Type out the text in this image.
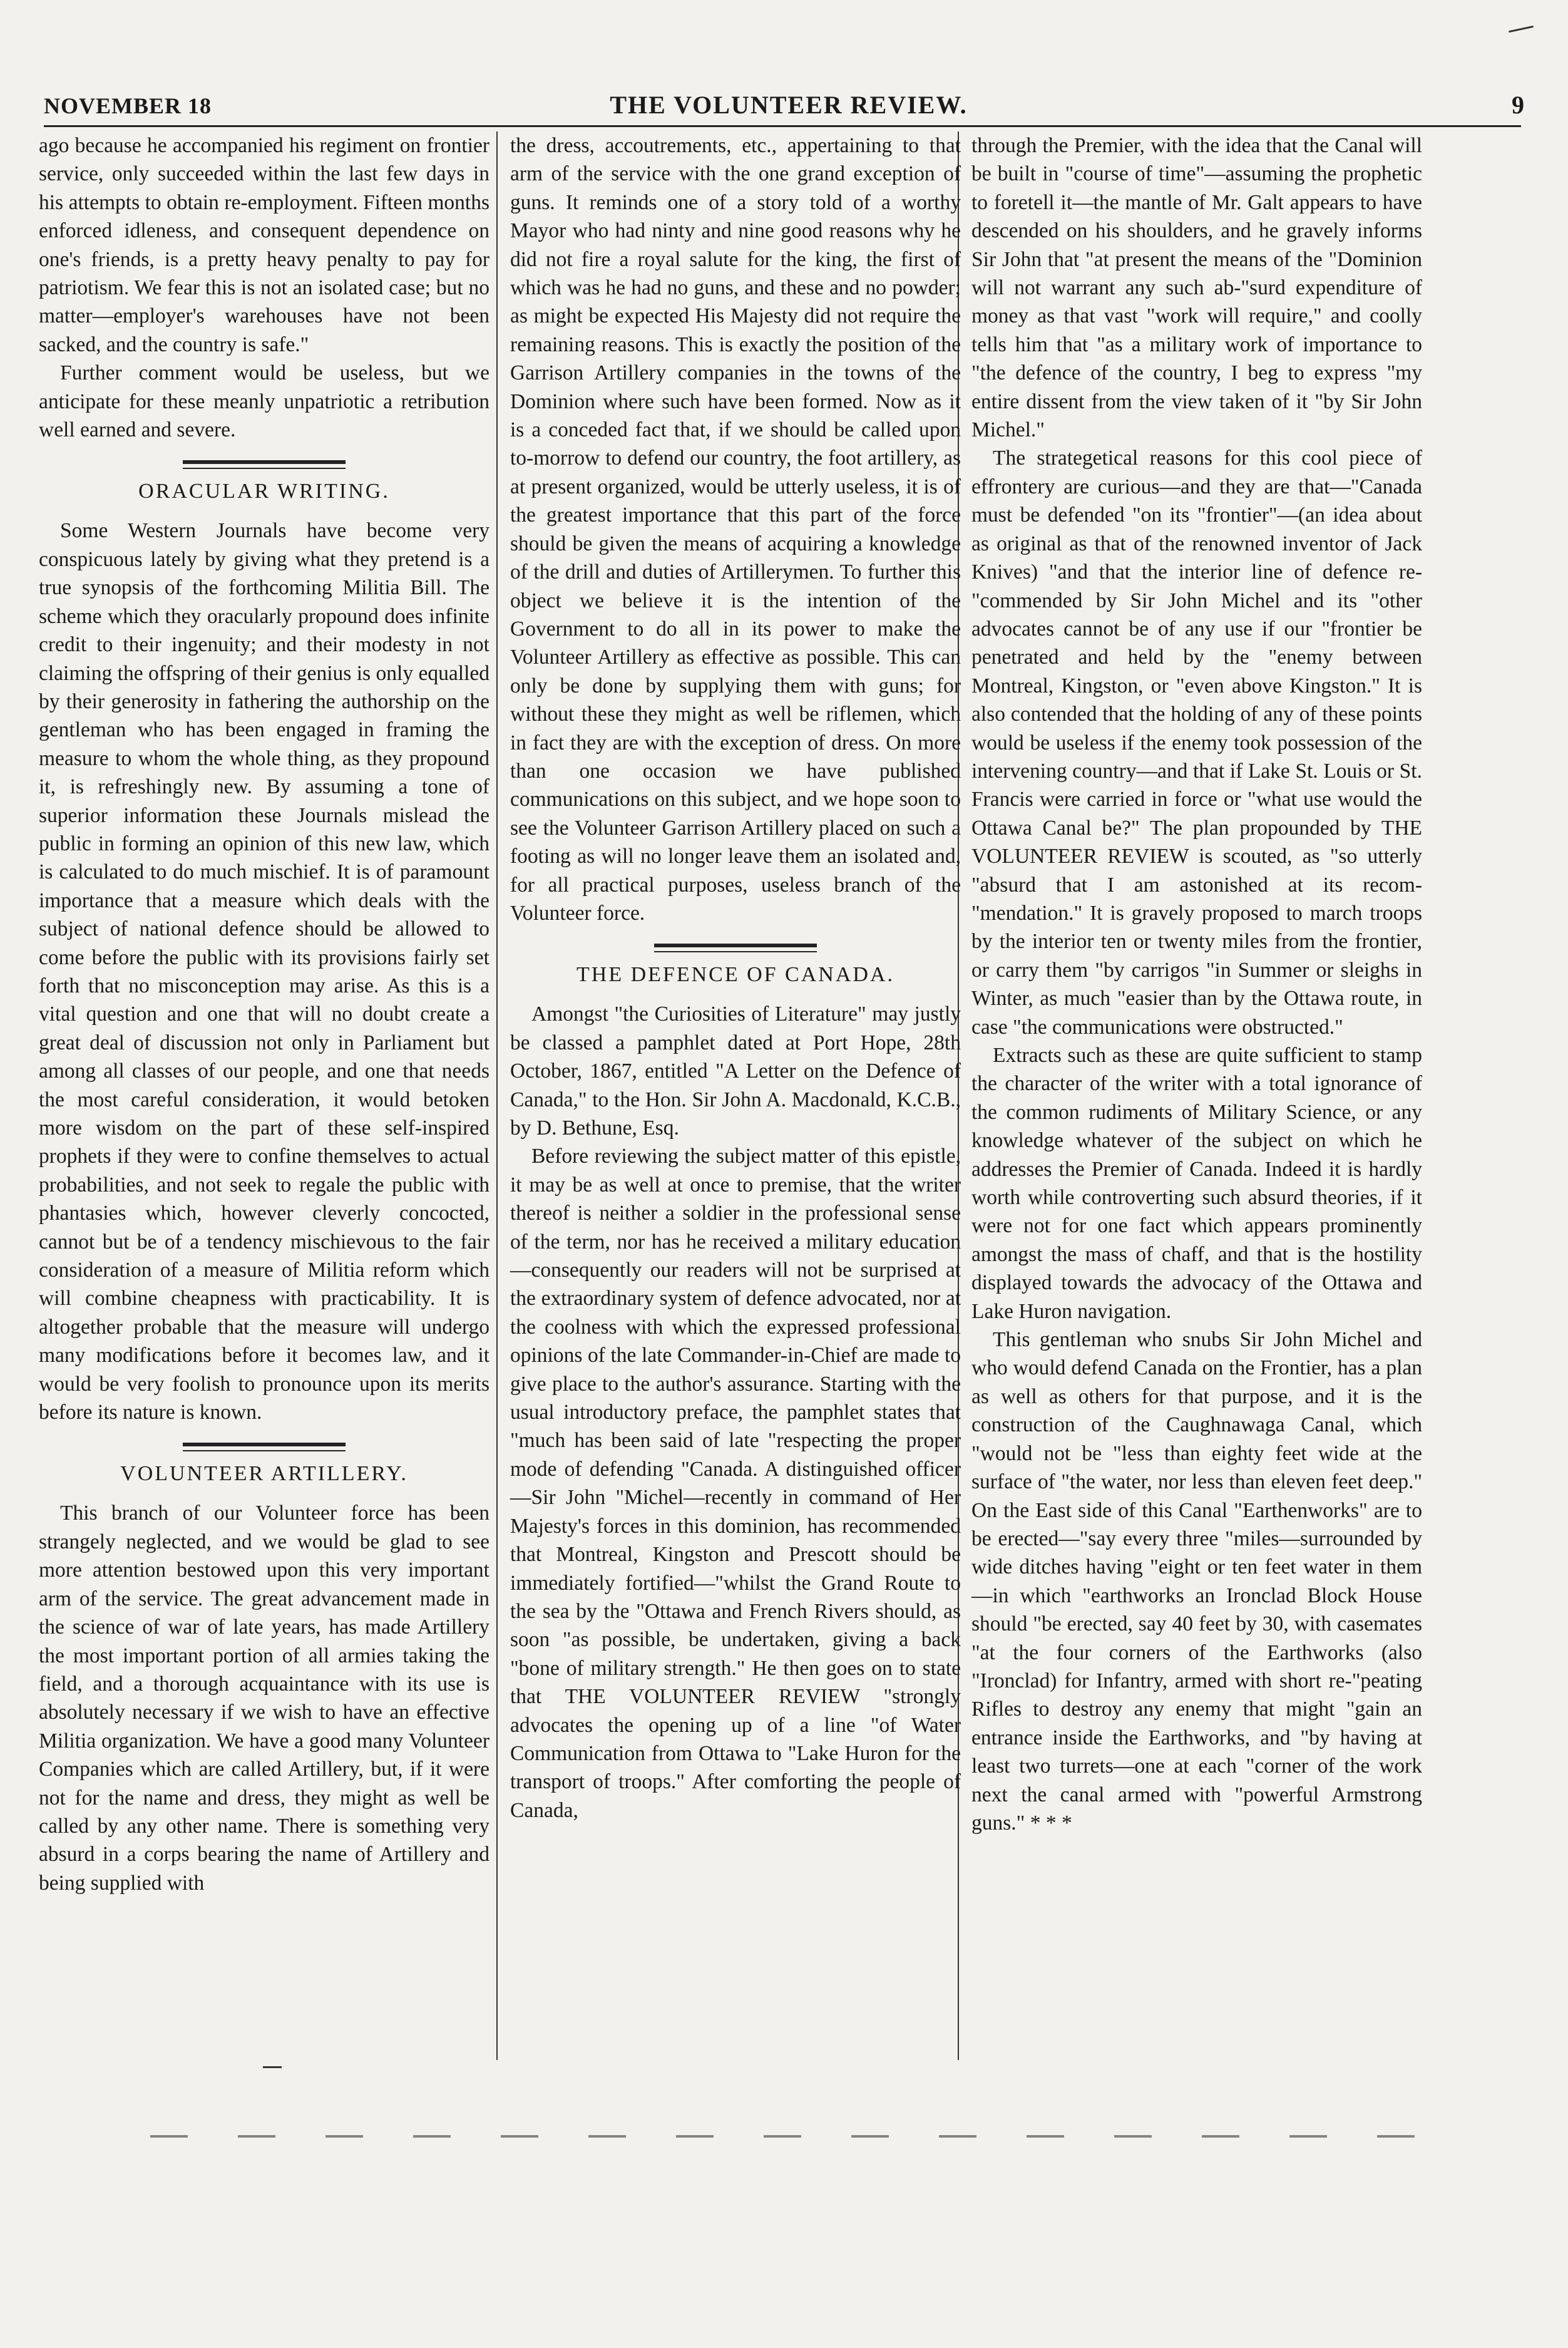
NOVEMBER 18	THE VOLUNTEER REVIEW.	9

ago because he accompanied his regiment on frontier service, only succeeded within the last few days in his attempts to obtain re-employment. Fifteen months enforced idleness, and consequent dependence on one's friends, is a pretty heavy penalty to pay for patriotism. We fear this is not an isolated case; but no matter—employer's warehouses have not been sacked, and the country is safe."

Further comment would be useless, but we anticipate for these meanly unpatriotic a retribution well earned and severe.

ORACULAR WRITING.

Some Western Journals have become very conspicuous lately by giving what they pretend is a true synopsis of the forthcoming Militia Bill. The scheme which they oracularly propound does infinite credit to their ingenuity; and their modesty in not claiming the offspring of their genius is only equalled by their generosity in fathering the authorship on the gentleman who has been engaged in framing the measure to whom the whole thing, as they propound it, is refreshingly new. By assuming a tone of superior information these Journals mislead the public in forming an opinion of this new law, which is calculated to do much mischief. It is of paramount importance that a measure which deals with the subject of national defence should be allowed to come before the public with its provisions fairly set forth that no misconception may arise. As this is a vital question and one that will no doubt create a great deal of discussion not only in Parliament but among all classes of our people, and one that needs the most careful consideration, it would betoken more wisdom on the part of these self-inspired prophets if they were to confine themselves to actual probabilities, and not seek to regale the public with phantasies which, however cleverly concocted, cannot but be of a tendency mischievous to the fair consideration of a measure of Militia reform which will combine cheapness with practicability. It is altogether probable that the measure will undergo many modifications before it becomes law, and it would be very foolish to pronounce upon its merits before its nature is known.

VOLUNTEER ARTILLERY.

This branch of our Volunteer force has been strangely neglected, and we would be glad to see more attention bestowed upon this very important arm of the service. The great advancement made in the science of war of late years, has made Artillery the most important portion of all armies taking the field, and a thorough acquaintance with its use is absolutely necessary if we wish to have an effective Militia organization. We have a good many Volunteer Companies which are called Artillery, but, if it were not for the name and dress, they might as well be called by any other name. There is something very absurd in a corps bearing the name of Artillery and being supplied with

the dress, accoutrements, etc., appertaining to that arm of the service with the one grand exception of guns. It reminds one of a story told of a worthy Mayor who had ninty and nine good reasons why he did not fire a royal salute for the king, the first of which was he had no guns, and these and no powder; as might be expected His Majesty did not require the remaining reasons. This is exactly the position of the Garrison Artillery companies in the towns of the Dominion where such have been formed. Now as it is a conceded fact that, if we should be called upon to-morrow to defend our country, the foot artillery, as at present organized, would be utterly useless, it is of the greatest importance that this part of the force should be given the means of acquiring a knowledge of the drill and duties of Artillerymen. To further this object we believe it is the intention of the Government to do all in its power to make the Volunteer Artillery as effective as possible. This can only be done by supplying them with guns; for without these they might as well be riflemen, which in fact they are with the exception of dress. On more than one occasion we have published communications on this subject, and we hope soon to see the Volunteer Garrison Artillery placed on such a footing as will no longer leave them an isolated and, for all practical purposes, useless branch of the Volunteer force.

THE DEFENCE OF CANADA.

Amongst "the Curiosities of Literature" may justly be classed a pamphlet dated at Port Hope, 28th October, 1867, entitled "A Letter on the Defence of Canada," to the Hon. Sir John A. Macdonald, K.C.B., by D. Bethune, Esq.

Before reviewing the subject matter of this epistle, it may be as well at once to premise, that the writer thereof is neither a soldier in the professional sense of the term, nor has he received a military education—consequently our readers will not be surprised at the extraordinary system of defence advocated, nor at the coolness with which the expressed professional opinions of the late Commander-in-Chief are made to give place to the author's assurance. Starting with the usual introductory preface, the pamphlet states that "much has been said of late "respecting the proper mode of defending "Canada. A distinguished officer—Sir John "Michel—recently in command of Her Majesty's forces in this dominion, has recommended that Montreal, Kingston and Prescott should be immediately fortified—"whilst the Grand Route to the sea by the "Ottawa and French Rivers should, as soon "as possible, be undertaken, giving a back "bone of military strength." He then goes on to state that THE VOLUNTEER REVIEW "strongly advocates the opening up of a line "of Water Communication from Ottawa to "Lake Huron for the transport of troops." After comforting the people of Canada,

through the Premier, with the idea that the Canal will be built in "course of time"—assuming the prophetic to foretell it—the mantle of Mr. Galt appears to have descended on his shoulders, and he gravely informs Sir John that "at present the means of the "Dominion will not warrant any such ab-"surd expenditure of money as that vast "work will require," and coolly tells him that "as a military work of importance to "the defence of the country, I beg to express "my entire dissent from the view taken of it "by Sir John Michel."

The strategetical reasons for this cool piece of effrontery are curious—and they are that—"Canada must be defended "on its "frontier"—(an idea about as original as that of the renowned inventor of Jack Knives) "and that the interior line of defence re-"commended by Sir John Michel and its "other advocates cannot be of any use if our "frontier be penetrated and held by the "enemy between Montreal, Kingston, or "even above Kingston." It is also contended that the holding of any of these points would be useless if the enemy took possession of the intervening country—and that if Lake St. Louis or St. Francis were carried in force or "what use would the Ottawa Canal be?" The plan propounded by THE VOLUNTEER REVIEW is scouted, as "so utterly "absurd that I am astonished at its recom-"mendation." It is gravely proposed to march troops by the interior ten or twenty miles from the frontier, or carry them "by carrigos "in Summer or sleighs in Winter, as much "easier than by the Ottawa route, in case "the communications were obstructed."

Extracts such as these are quite sufficient to stamp the character of the writer with a total ignorance of the common rudiments of Military Science, or any knowledge whatever of the subject on which he addresses the Premier of Canada. Indeed it is hardly worth while controverting such absurd theories, if it were not for one fact which appears prominently amongst the mass of chaff, and that is the hostility displayed towards the advocacy of the Ottawa and Lake Huron navigation.

This gentleman who snubs Sir John Michel and who would defend Canada on the Frontier, has a plan as well as others for that purpose, and it is the construction of the Caughnawaga Canal, which "would not be "less than eighty feet wide at the surface of "the water, nor less than eleven feet deep." On the East side of this Canal "Earthenworks" are to be erected—"say every three "miles—surrounded by wide ditches having "eight or ten feet water in them—in which "earthworks an Ironclad Block House should "be erected, say 40 feet by 30, with casemates "at the four corners of the Earthworks (also "Ironclad) for Infantry, armed with short re-"peating Rifles to destroy any enemy that might "gain an entrance inside the Earthworks, and "by having at least two turrets—one at each "corner of the work next the canal armed with "powerful Armstrong guns." * * *
